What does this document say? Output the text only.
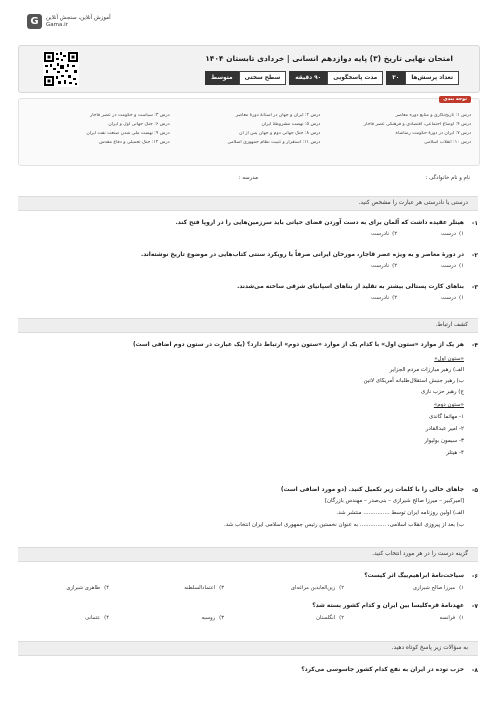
G	آموزش آنلاین، سنجش آنلاین
Gama.ir
امتحان نهایی تاریخ (۳) پایه دوازدهم انسانی | خردادی تابستان ۱۴۰۴
تعداد پرسش‌ها
۳۰
مدت پاسخگویی
۹۰ دقیقه
سطح سختی
متوسط
توجه بندی
درس ۱: تاریخ‌نگاری و منابع دوره معاصر
درس ۲: ایران و جهان در آستانهٔ دورهٔ معاصر
درس ۳: سیاست و حکومت در عصر قاجار
درس ۴: اوضاع اجتماعی، اقتصادی و فرهنگی عصر قاجار
درس ۵: نهضت مشروطهٔ ایران
درس ۶: جنگ جهانی اول و ایران
درس ۷: ایران در دورهٔ حکومت رضاشاه
درس ۸: جنگ جهانی دوم و جهان پس از آن
درس ۹: نهضت ملی شدن صنعت نفت ایران
درس ۱۰: انقلاب اسلامی
درس ۱۱: استقرار و تثبیت نظام جمهوری اسلامی
درس ۱۲: جنگ تحمیلی و دفاع مقدس
نام و نام خانوادگی :
مدرسه :
درستی یا نادرستی هر عبارت را مشخص کنید.
۱-
هیتلر عقیده داشت که آلمان برای به دست آوردن فضای حیاتی باید سرزمین‌هایی را در اروپا فتح کند.
۱)درست
۲)نادرست
۲-
در دورهٔ معاصر و به ویژه عصر قاجار، مورخان ایرانی صرفاً با رویکرد سنتی کتاب‌هایی در موضوع تاریخ نوشته‌اند.
۱)درست
۲)نادرست
۳-
بناهای کارت پستالی بیشتر به تقلید از بناهای اسپانیای شرقی ساخته می‌شدند.
۱)درست
۲)نادرست
کشف ارتباط.
۴-
هر یک از موارد «ستون اول» با کدام یک از موارد «ستون دوم» ارتباط دارد؟ (یک عبارت در ستون دوم اضافی است)
«ستون اول»
الف) رهبر مبارزات مردم الجزایر
ب) رهبر جنبش استقلال‌طلبانه آمریکای لاتین
ج) رهبر حزب نازی
«ستون دوم»
۱- مهاتما گاندی
۲- امیر عبدالقادر
۳- سیمون بولیوار
۴- هیتلر
۵-
جاهای خالی را با کلمات زیر تکمیل کنید. (دو مورد اضافی است)
[امیرکبیر – میرزا صالح شیرازی – بنی‌صدر – مهندس بازرگان]
الف) اولین روزنامه ایران توسط ............... منتشر شد.
ب) بعد از پیروزی انقلاب اسلامی، ............... به عنوان نخستین رئیس جمهوری اسلامی ایران انتخاب شد.
گزینه درست را در هر مورد انتخاب کنید.
۶-
سیاحت‌نامهٔ ابراهیم‌بیگ اثر کیست؟
۱)میرزا صالح شیرازی
۲)زین‌العابدین مراغه‌ای
۳)اعتمادالسلطنه
۴)طاهری شیرازی
۷-
عهدنامهٔ قره‌کلیسا بین ایران و کدام کشور بسته شد؟
۱)فرانسه
۲)انگلستان
۳)روسیه
۴)عثمانی
به سؤالات زیر پاسخ کوتاه دهید.
۸-
حزب توده در ایران به نفع کدام کشور جاسوسی می‌کرد؟
